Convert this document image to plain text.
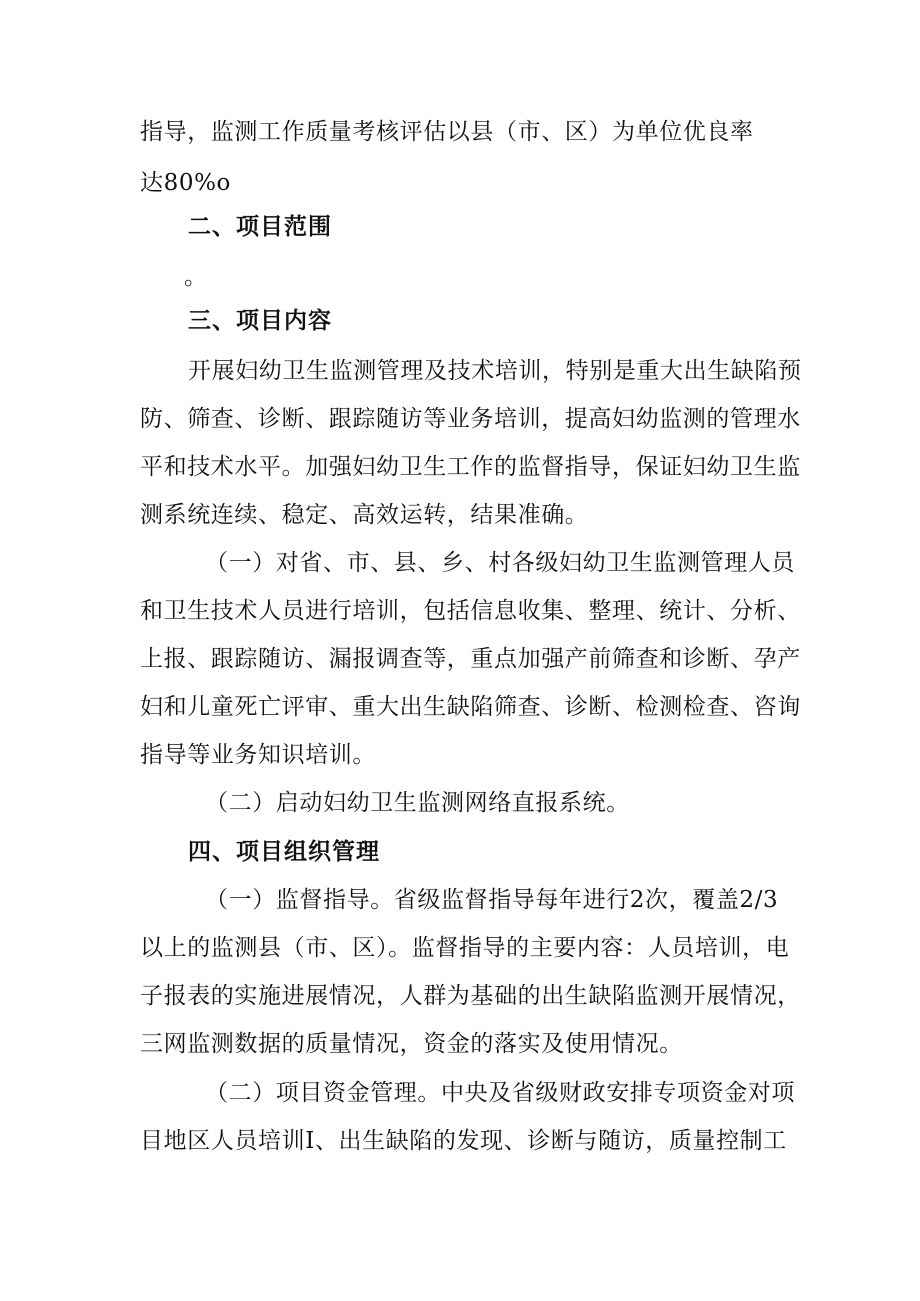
指导，监测工作质量考核评估以县（市、区）为单位优良率
达80%o
二、项目范围
。
三、项目内容
开展妇幼卫生监测管理及技术培训，特别是重大出生缺陷预
防、筛查、诊断、跟踪随访等业务培训，提高妇幼监测的管理水
平和技术水平。加强妇幼卫生工作的监督指导，保证妇幼卫生监
测系统连续、稳定、高效运转，结果准确。
（一）对省、市、县、乡、村各级妇幼卫生监测管理人员
和卫生技术人员进行培训，包括信息收集、整理、统计、分析、
上报、跟踪随访、漏报调查等，重点加强产前筛查和诊断、孕产
妇和儿童死亡评审、重大出生缺陷筛查、诊断、检测检查、咨询
指导等业务知识培训。
（二）启动妇幼卫生监测网络直报系统。
四、项目组织管理
（一）监督指导。省级监督指导每年进行2次，覆盖2/3
以上的监测县（市、区）。监督指导的主要内容：人员培训，电
子报表的实施进展情况，人群为基础的出生缺陷监测开展情况，
三网监测数据的质量情况，资金的落实及使用情况。
（二）项目资金管理。中央及省级财政安排专项资金对项
目地区人员培训I、出生缺陷的发现、诊断与随访，质量控制工
